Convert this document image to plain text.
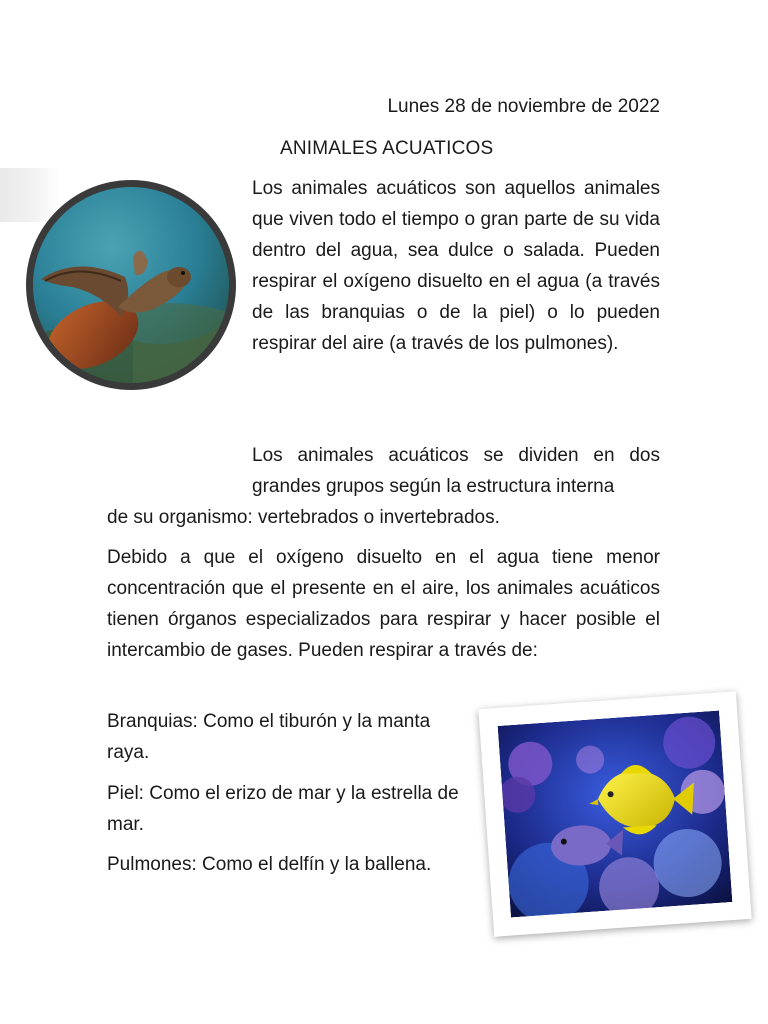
Lunes 28 de noviembre de 2022
ANIMALES ACUATICOS

Los animales acuáticos son aquellos animales que viven todo el tiempo o gran parte de su vida dentro del agua, sea dulce o salada. Pueden respirar el oxígeno disuelto en el agua (a través de las branquias o de la piel) o lo pueden respirar del aire (a través de los pulmones).

Los animales acuáticos se dividen en dos grandes grupos según la estructura interna

de su organismo: vertebrados o invertebrados.

Debido a que el oxígeno disuelto en el agua tiene menor concentración que el presente en el aire, los animales acuáticos tienen órganos especializados para respirar y hacer posible el intercambio de gases. Pueden respirar a través de:

Branquias: Como el tiburón y la manta raya.

Piel: Como el erizo de mar y la estrella de mar.

Pulmones: Como el delfín y la ballena.
